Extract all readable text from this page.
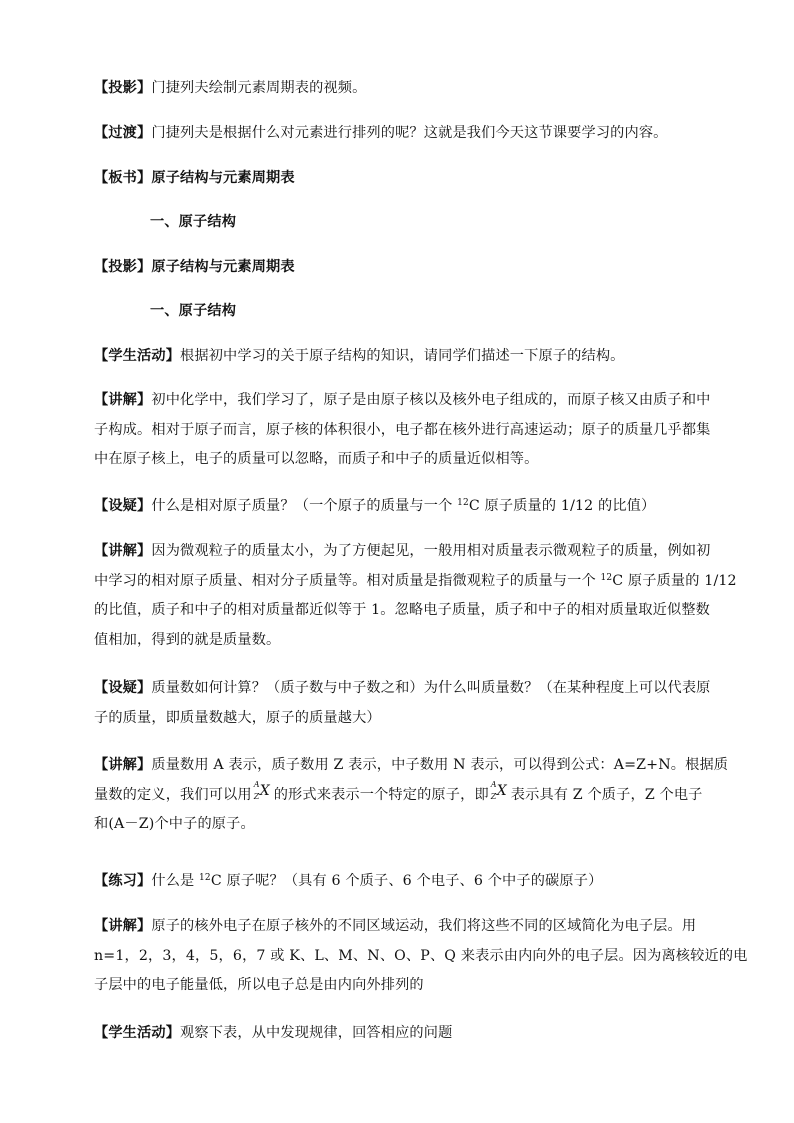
【投影】门捷列夫绘制元素周期表的视频。

【过渡】门捷列夫是根据什么对元素进行排列的呢？这就是我们今天这节课要学习的内容。

【板书】原子结构与元素周期表

一、原子结构

【投影】原子结构与元素周期表

一、原子结构

【学生活动】根据初中学习的关于原子结构的知识，请同学们描述一下原子的结构。

【讲解】初中化学中，我们学习了，原子是由原子核以及核外电子组成的，而原子核又由质子和中
子构成。相对于原子而言，原子核的体积很小，电子都在核外进行高速运动；原子的质量几乎都集
中在原子核上，电子的质量可以忽略，而质子和中子的质量近似相等。

【设疑】什么是相对原子质量？（一个原子的质量与一个 $^{12}$C 原子质量的 1/12 的比值）

【讲解】因为微观粒子的质量太小，为了方便起见，一般用相对质量表示微观粒子的质量，例如初
中学习的相对原子质量、相对分子质量等。相对质量是指微观粒子的质量与一个 $^{12}$C 原子质量的 1/12
的比值，质子和中子的相对质量都近似等于 1。忽略电子质量，质子和中子的相对质量取近似整数
值相加，得到的就是质量数。

【设疑】质量数如何计算？（质子数与中子数之和）为什么叫质量数？（在某种程度上可以代表原
子的质量，即质量数越大，原子的质量越大）

【讲解】质量数用 A 表示，质子数用 Z 表示，中子数用 N 表示，可以得到公式：A=Z+N。根据质
量数的定义，我们可以用
A
Z X 的形式来表示一个特定的原子，即
A
Z X 表示具有 Z 个质子，Z 个电子
和(A－Z)个中子的原子。

【练习】什么是 $^{12}$C 原子呢？（具有 6 个质子、6 个电子、6 个中子的碳原子）

【讲解】原子的核外电子在原子核外的不同区域运动，我们将这些不同的区域简化为电子层。用
n=1，2，3，4，5，6，7 或 K、L、M、N、O、P、Q 来表示由内向外的电子层。因为离核较近的电
子层中的电子能量低，所以电子总是由内向外排列的

【学生活动】观察下表，从中发现规律，回答相应的问题
